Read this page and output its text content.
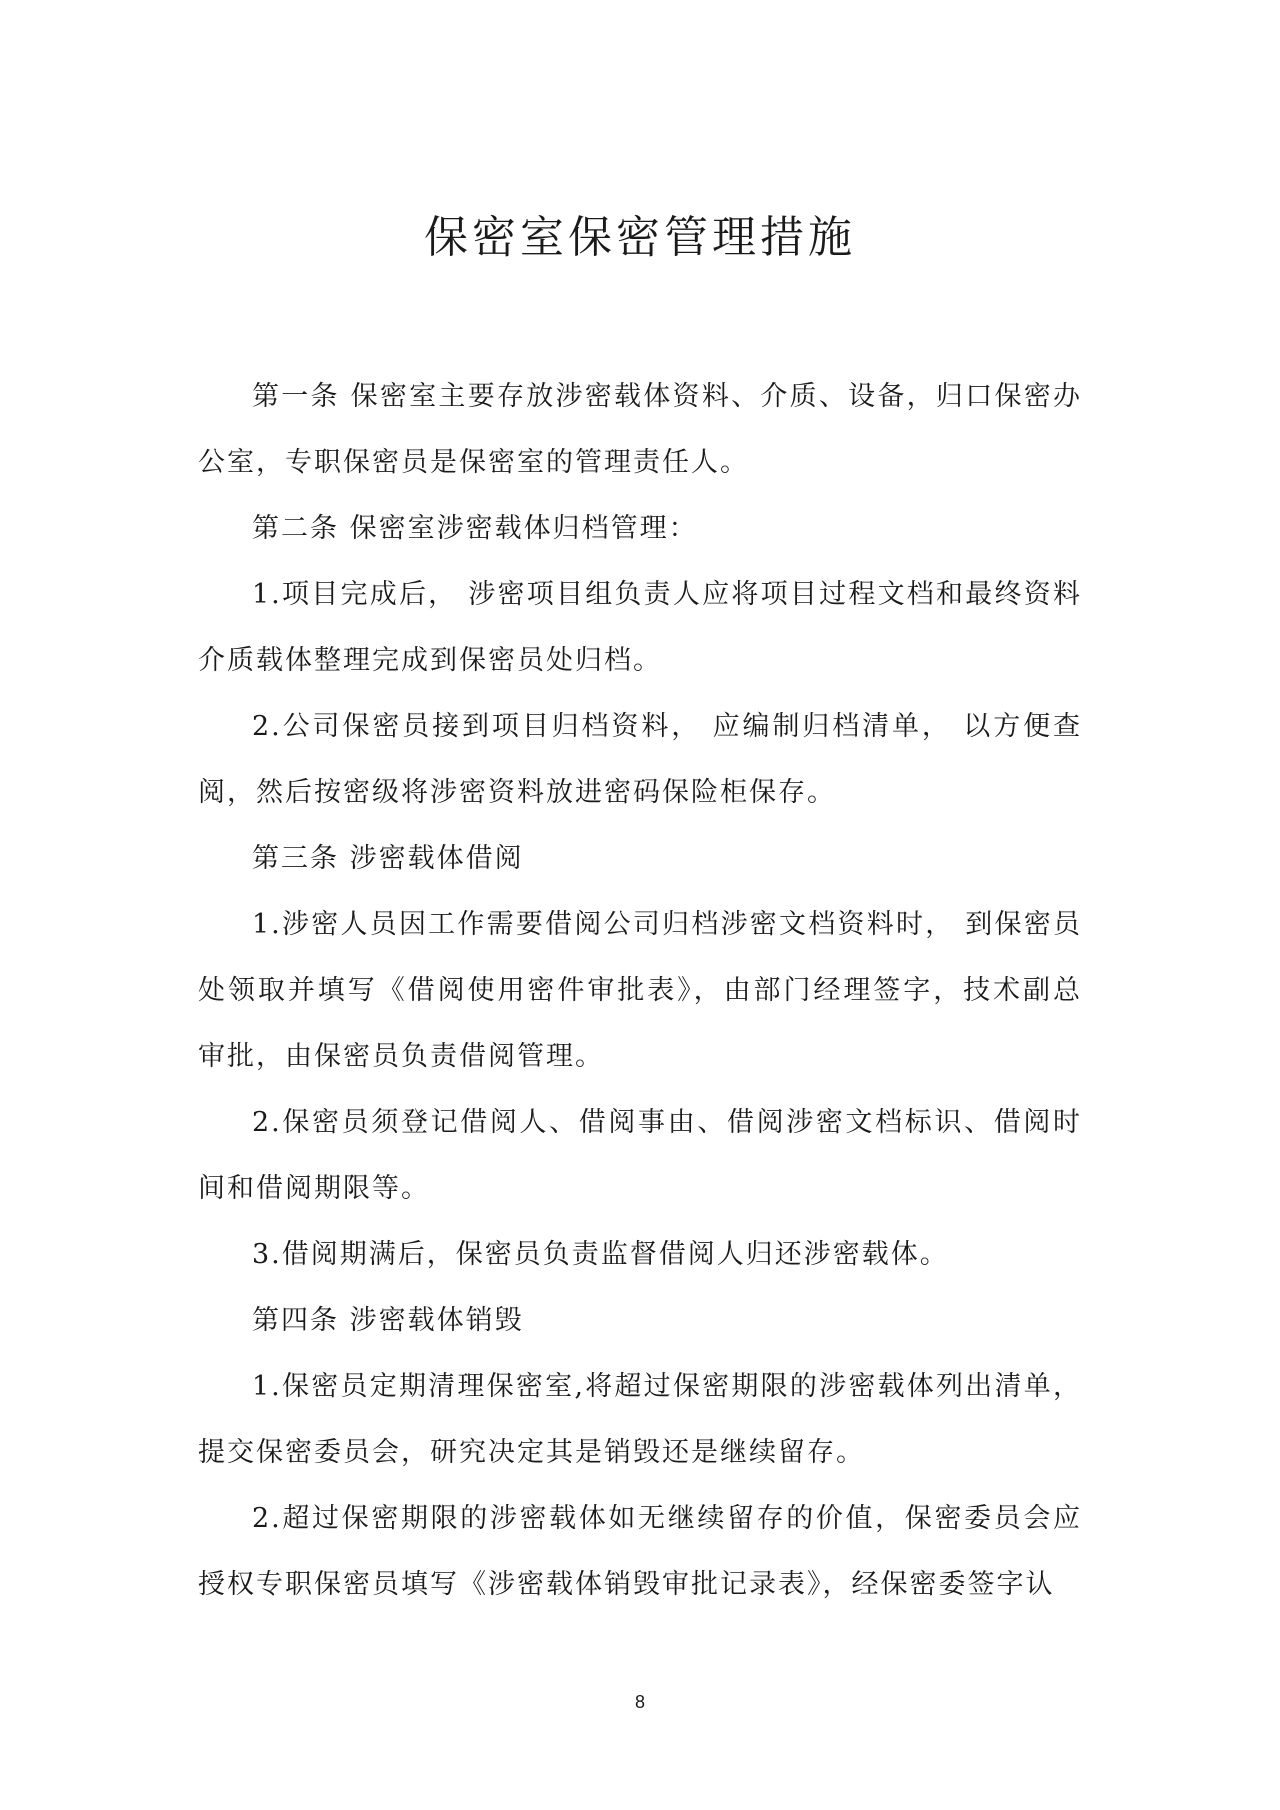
保密室保密管理措施

第一条 保密室主要存放涉密载体资料、介质、设备，归口保密办公室，专职保密员是保密室的管理责任人。

第二条 保密室涉密载体归档管理：

1.项目完成后， 涉密项目组负责人应将项目过程文档和最终资料介质载体整理完成到保密员处归档。

2.公司保密员接到项目归档资料， 应编制归档清单， 以方便查阅，然后按密级将涉密资料放进密码保险柜保存。

第三条 涉密载体借阅

1.涉密人员因工作需要借阅公司归档涉密文档资料时， 到保密员处领取并填写《借阅使用密件审批表》，由部门经理签字，技术副总审批，由保密员负责借阅管理。

2.保密员须登记借阅人、借阅事由、借阅涉密文档标识、借阅时间和借阅期限等。

3.借阅期满后，保密员负责监督借阅人归还涉密载体。

第四条 涉密载体销毁

1.保密员定期清理保密室,将超过保密期限的涉密载体列出清单， 提交保密委员会，研究决定其是销毁还是继续留存。

2.超过保密期限的涉密载体如无继续留存的价值，保密委员会应授权专职保密员填写《涉密载体销毁审批记录表》，经保密委签字认

8
